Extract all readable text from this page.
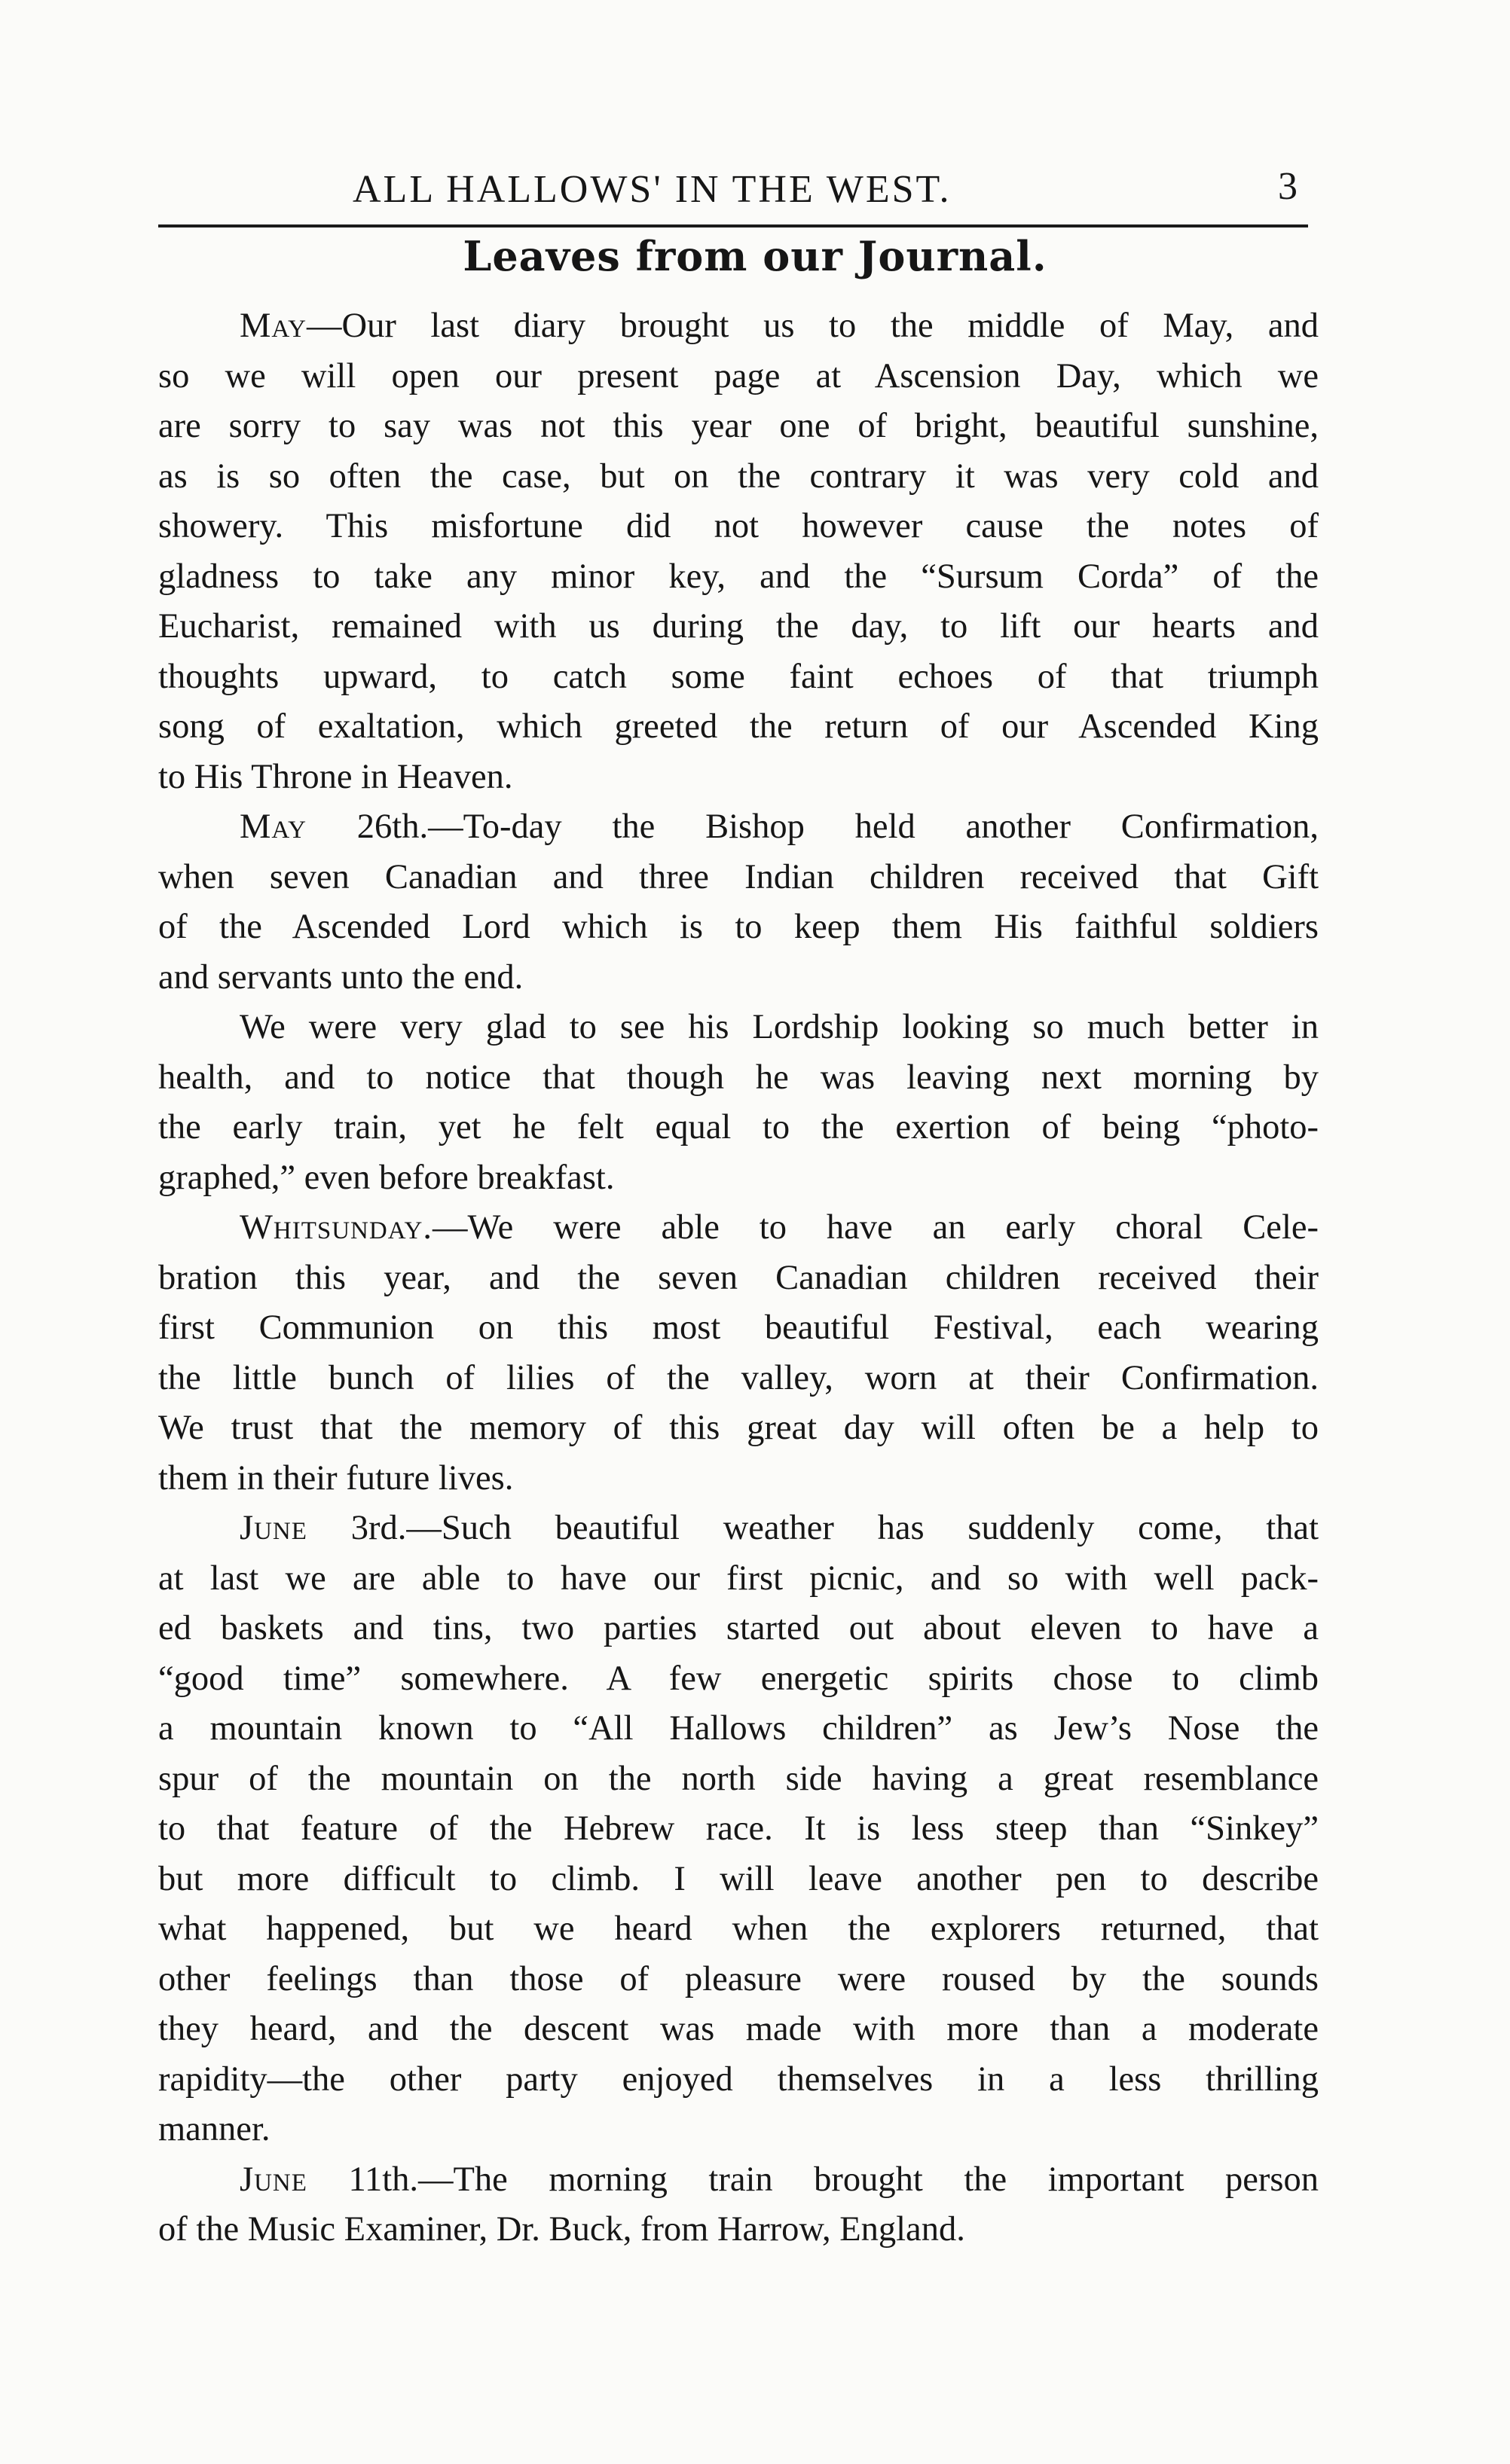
ALL HALLOWS' IN THE WEST.	3
Leaves from our Journal.
May—Our last diary brought us to the middle of May, and
so we will open our present page at Ascension Day, which we
are sorry to say was not this year one of bright, beautiful sunshine,
as is so often the case, but on the contrary it was very cold and
showery. This misfortune did not however cause the notes of
gladness to take any minor key, and the “Sursum Corda” of the
Eucharist, remained with us during the day, to lift our hearts and
thoughts upward, to catch some faint echoes of that triumph
song of exaltation, which greeted the return of our Ascended King
to His Throne in Heaven.
May 26th.—To-day the Bishop held another Confirmation,
when seven Canadian and three Indian children received that Gift
of the Ascended Lord which is to keep them His faithful soldiers
and servants unto the end.
We were very glad to see his Lordship looking so much better in
health, and to notice that though he was leaving next morning by
the early train, yet he felt equal to the exertion of being “photo-
graphed,” even before breakfast.
Whitsunday.—We were able to have an early choral Cele-
bration this year, and the seven Canadian children received their
first Communion on this most beautiful Festival, each wearing
the little bunch of lilies of the valley, worn at their Confirmation.
We trust that the memory of this great day will often be a help to
them in their future lives.
June 3rd.—Such beautiful weather has suddenly come, that
at last we are able to have our first picnic, and so with well pack-
ed baskets and tins, two parties started out about eleven to have a
“good time” somewhere. A few energetic spirits chose to climb
a mountain known to “All Hallows children” as Jew’s Nose the
spur of the mountain on the north side having a great resemblance
to that feature of the Hebrew race. It is less steep than “Sinkey”
but more difficult to climb. I will leave another pen to describe
what happened, but we heard when the explorers returned, that
other feelings than those of pleasure were roused by the sounds
they heard, and the descent was made with more than a moderate
rapidity—the other party enjoyed themselves in a less thrilling
manner.
June 11th.—The morning train brought the important person
of the Music Examiner, Dr. Buck, from Harrow, England.
